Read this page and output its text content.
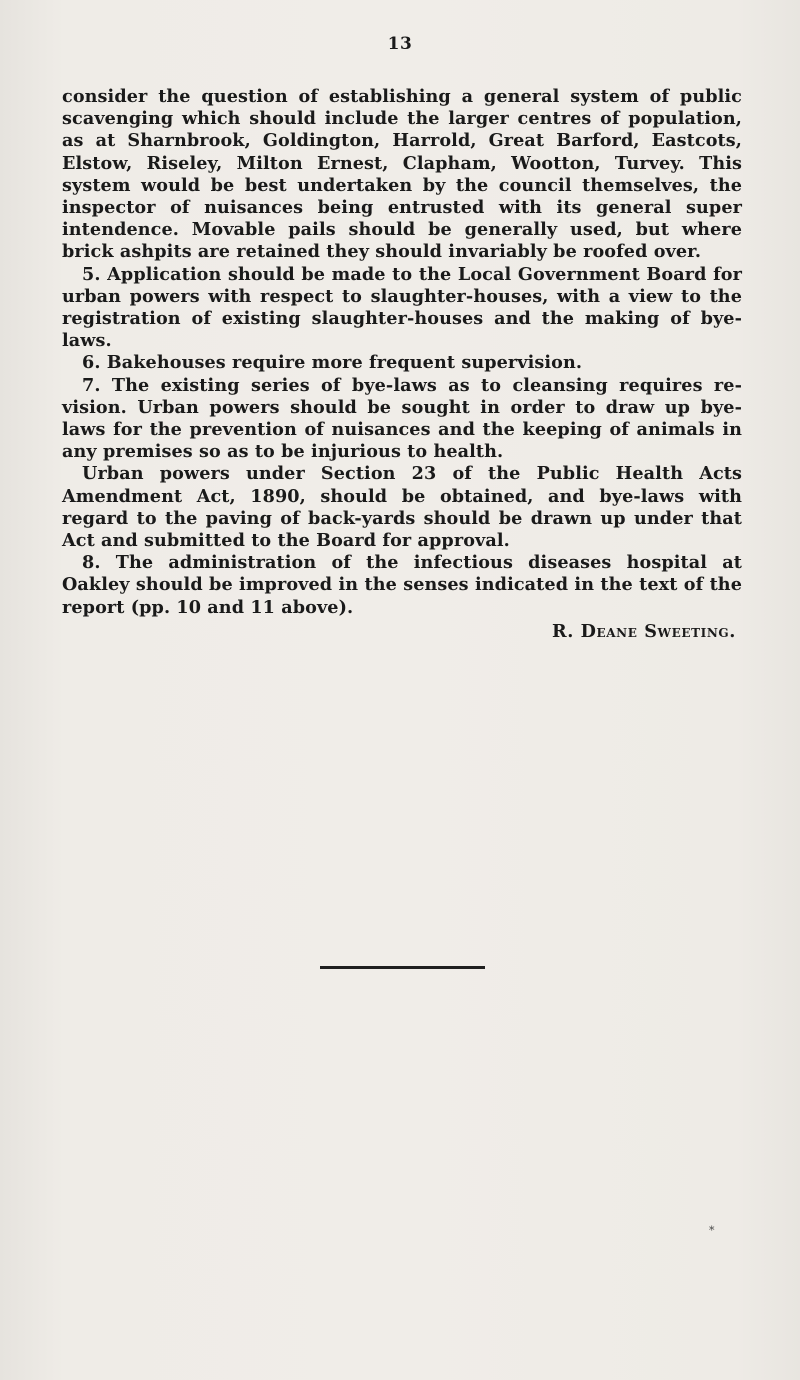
13

consider the question of establishing a general system of public scavenging which should include the larger centres of population, as at Sharnbrook, Goldington, Harrold, Great Barford, Eastcots, Elstow, Riseley, Milton Ernest, Clapham, Wootton, Turvey. This system would be best undertaken by the council themselves, the inspector of nuisances being entrusted with its general super intendence. Movable pails should be generally used, but where brick ashpits are retained they should invariably be roofed over.

5. Application should be made to the Local Government Board for urban powers with respect to slaughter-houses, with a view to the registration of existing slaughter-houses and the making of bye-laws.

6. Bakehouses require more frequent supervision.

7. The existing series of bye-laws as to cleansing requires re- vision. Urban powers should be sought in order to draw up bye- laws for the prevention of nuisances and the keeping of animals in any premises so as to be injurious to health.

Urban powers under Section 23 of the Public Health Acts Amendment Act, 1890, should be obtained, and bye-laws with regard to the paving of back-yards should be drawn up under that Act and submitted to the Board for approval.

8. The administration of the infectious diseases hospital at Oakley should be improved in the senses indicated in the text of the report (pp. 10 and 11 above).

R. Deane Sweeting.
*
